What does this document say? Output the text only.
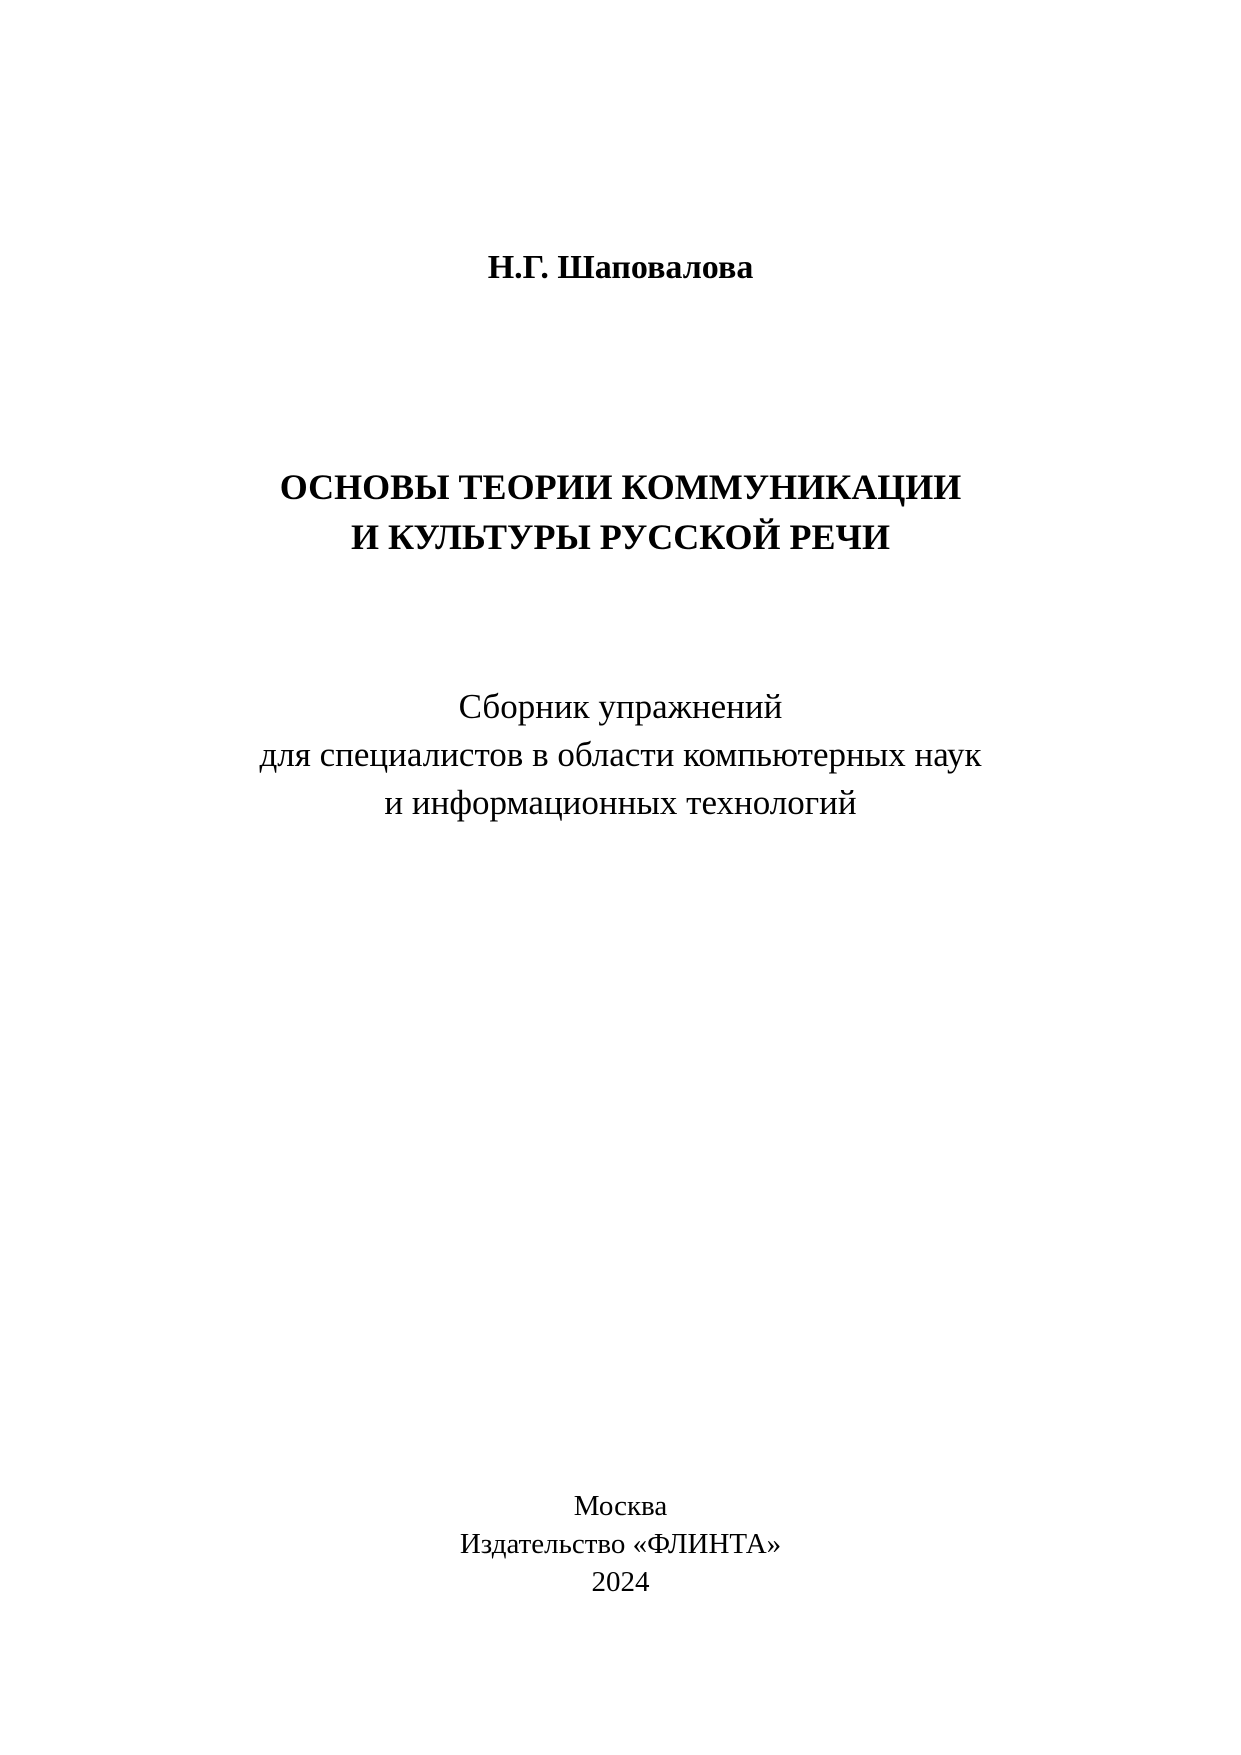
Н.Г. Шаповалова
ОСНОВЫ ТЕОРИИ КОММУНИКАЦИИ
И КУЛЬТУРЫ РУССКОЙ РЕЧИ
Сборник упражнений
для специалистов в области компьютерных наук
и информационных технологий
Москва
Издательство «ФЛИНТА»
2024
